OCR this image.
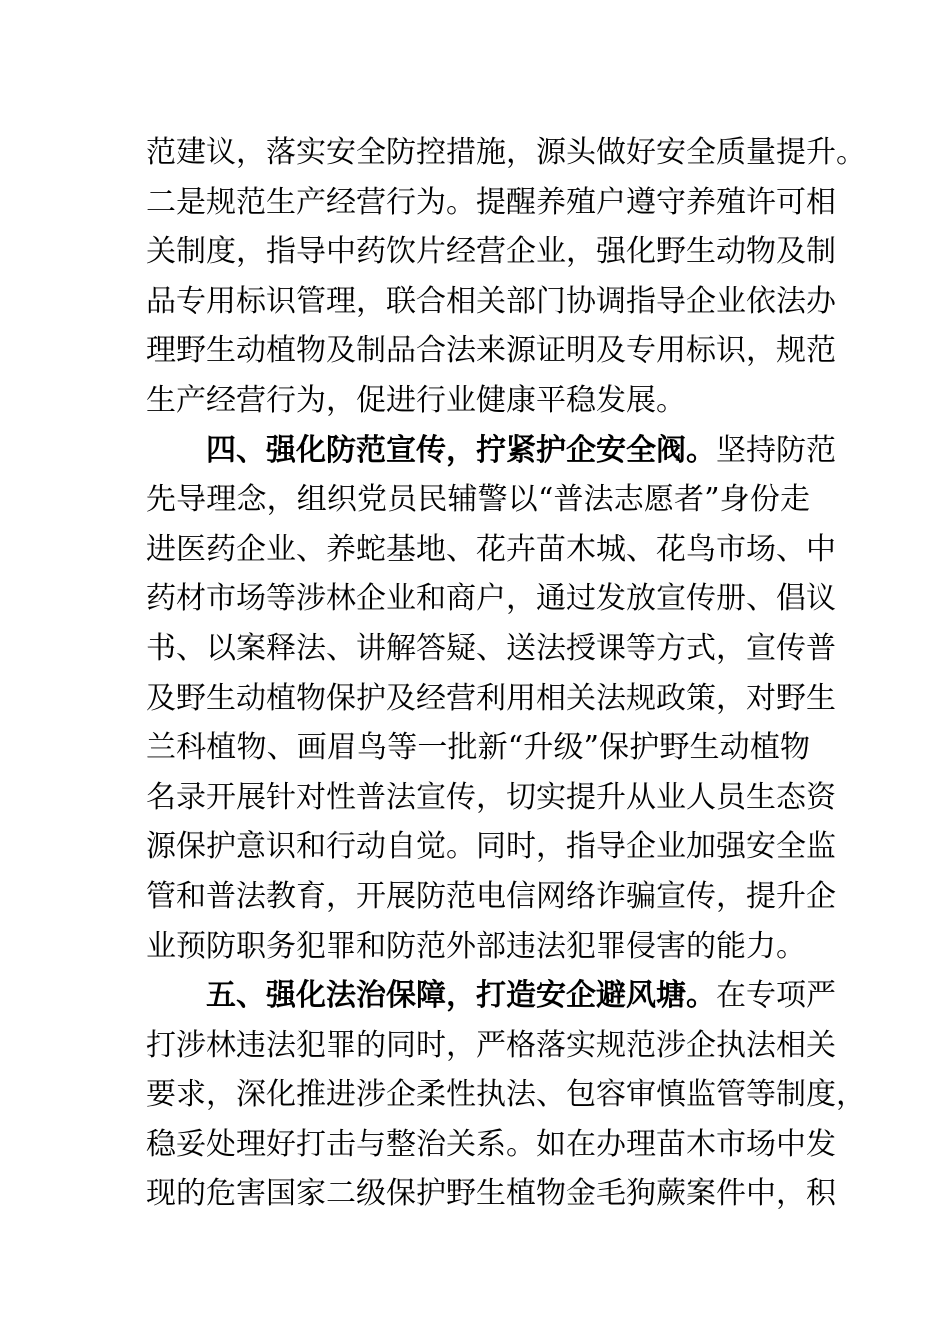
范建议，落实安全防控措施，源头做好安全质量提升。
二是规范生产经营行为。提醒养殖户遵守养殖许可相
关制度，指导中药饮片经营企业，强化野生动物及制
品专用标识管理，联合相关部门协调指导企业依法办
理野生动植物及制品合法来源证明及专用标识，规范
生产经营行为，促进行业健康平稳发展。
四、强化防范宣传，拧紧护企安全阀。坚持防范
先导理念，组织党员民辅警以“普法志愿者”身份走
进医药企业、养蛇基地、花卉苗木城、花鸟市场、中
药材市场等涉林企业和商户，通过发放宣传册、倡议
书、以案释法、讲解答疑、送法授课等方式，宣传普
及野生动植物保护及经营利用相关法规政策，对野生
兰科植物、画眉鸟等一批新“升级”保护野生动植物
名录开展针对性普法宣传，切实提升从业人员生态资
源保护意识和行动自觉。同时，指导企业加强安全监
管和普法教育，开展防范电信网络诈骗宣传，提升企
业预防职务犯罪和防范外部违法犯罪侵害的能力。
五、强化法治保障，打造安企避风塘。在专项严
打涉林违法犯罪的同时，严格落实规范涉企执法相关
要求，深化推进涉企柔性执法、包容审慎监管等制度，
稳妥处理好打击与整治关系。如在办理苗木市场中发
现的危害国家二级保护野生植物金毛狗蕨案件中，积
